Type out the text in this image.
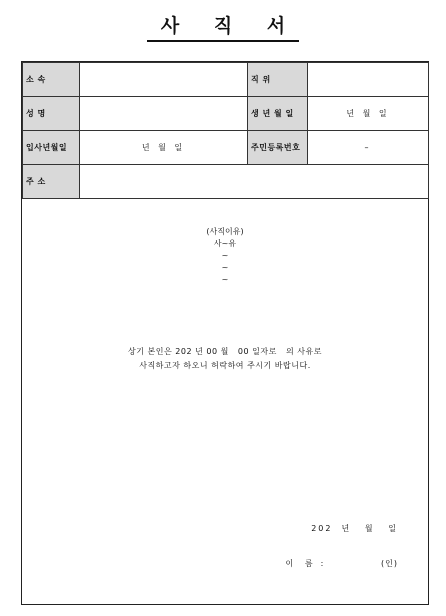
사 직 서
소 속		직 위	
성 명		생 년 월 일	년 월 일
입사년월일	년 월 일	주민등록번호	–
주 소			
(사직이유)
사~유
~
~
~
상기 본인은 202 년 00 월   00 일자로   의 사유로
사직하고자 하오니 허락하여 주시기 바랍니다.
202  년   월   일
이   름  :                (인)
